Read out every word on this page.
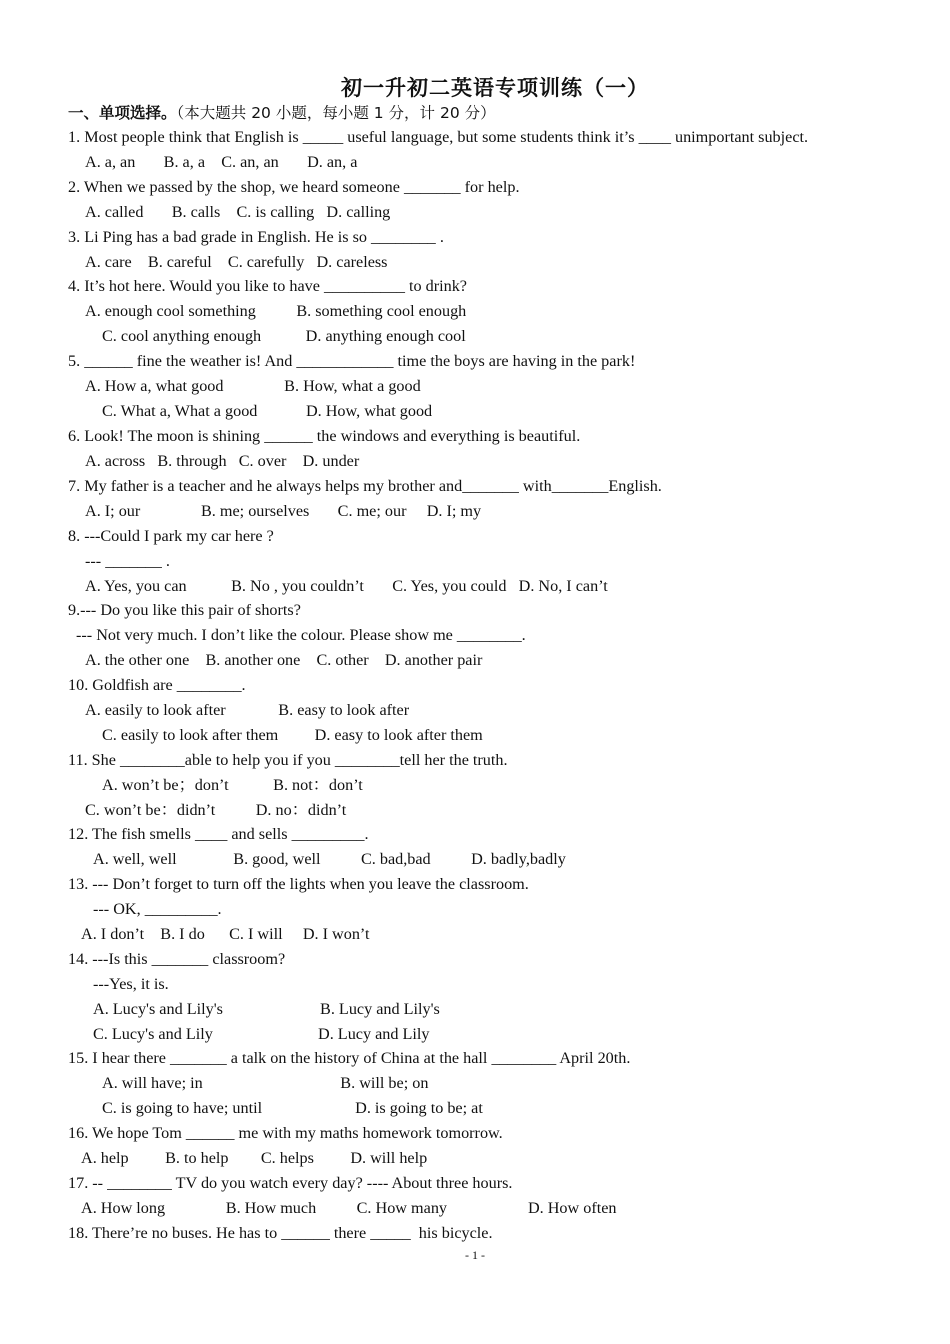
初一升初二英语专项训练（一）
一、单项选择。（本大题共 20 小题，每小题 1 分，计 20 分）
1. Most people think that English is _____ useful language, but some students think it’s ____ unimportant subject.
A. a, an       B. a, a    C. an, an       D. an, a
2. When we passed by the shop, we heard someone _______ for help.
A. called       B. calls    C. is calling   D. calling
3. Li Ping has a bad grade in English. He is so ________ .
A. care    B. careful    C. carefully   D. careless
4. It’s hot here. Would you like to have __________ to drink?
A. enough cool something          B. something cool enough
C. cool anything enough           D. anything enough cool
5. ______ fine the weather is! And ____________ time the boys are having in the park!
A. How a, what good               B. How, what a good
C. What a, What a good            D. How, what good
6. Look! The moon is shining ______ the windows and everything is beautiful.
A. across   B. through   C. over    D. under
7. My father is a teacher and he always helps my brother and_______ with_______English.
A. I; our               B. me; ourselves       C. me; our     D. I; my
8. ---Could I park my car here ?
--- _______ .
A. Yes, you can           B. No , you couldn’t       C. Yes, you could   D. No, I can’t
9.--- Do you like this pair of shorts?
--- Not very much. I don’t like the colour. Please show me ________.
A. the other one    B. another one    C. other    D. another pair
10. Goldfish are ________.
A. easily to look after             B. easy to look after
C. easily to look after them         D. easy to look after them
11. She ________able to help you if you ________tell her the truth.
A. won’t be；don’t           B. not：don’t
C. won’t be：didn’t          D. no：didn’t
12. The fish smells ____ and sells _________.
A. well, well              B. good, well          C. bad,bad          D. badly,badly
13. --- Don’t forget to turn off the lights when you leave the classroom.
--- OK, _________.
A. I don’t    B. I do      C. I will     D. I won’t
14. ---Is this _______ classroom?
---Yes, it is.
A. Lucy's and Lily's                        B. Lucy and Lily's
C. Lucy's and Lily                          D. Lucy and Lily
15. I hear there _______ a talk on the history of China at the hall ________ April 20th.
A. will have; in                                  B. will be; on
C. is going to have; until                       D. is going to be; at
16. We hope Tom ______ me with my maths homework tomorrow.
A. help         B. to help        C. helps         D. will help
17. -- ________ TV do you watch every day? ---- About three hours.
A. How long               B. How much          C. How many                    D. How often
18. There’re no buses. He has to ______ there _____  his bicycle.
- 1 -
